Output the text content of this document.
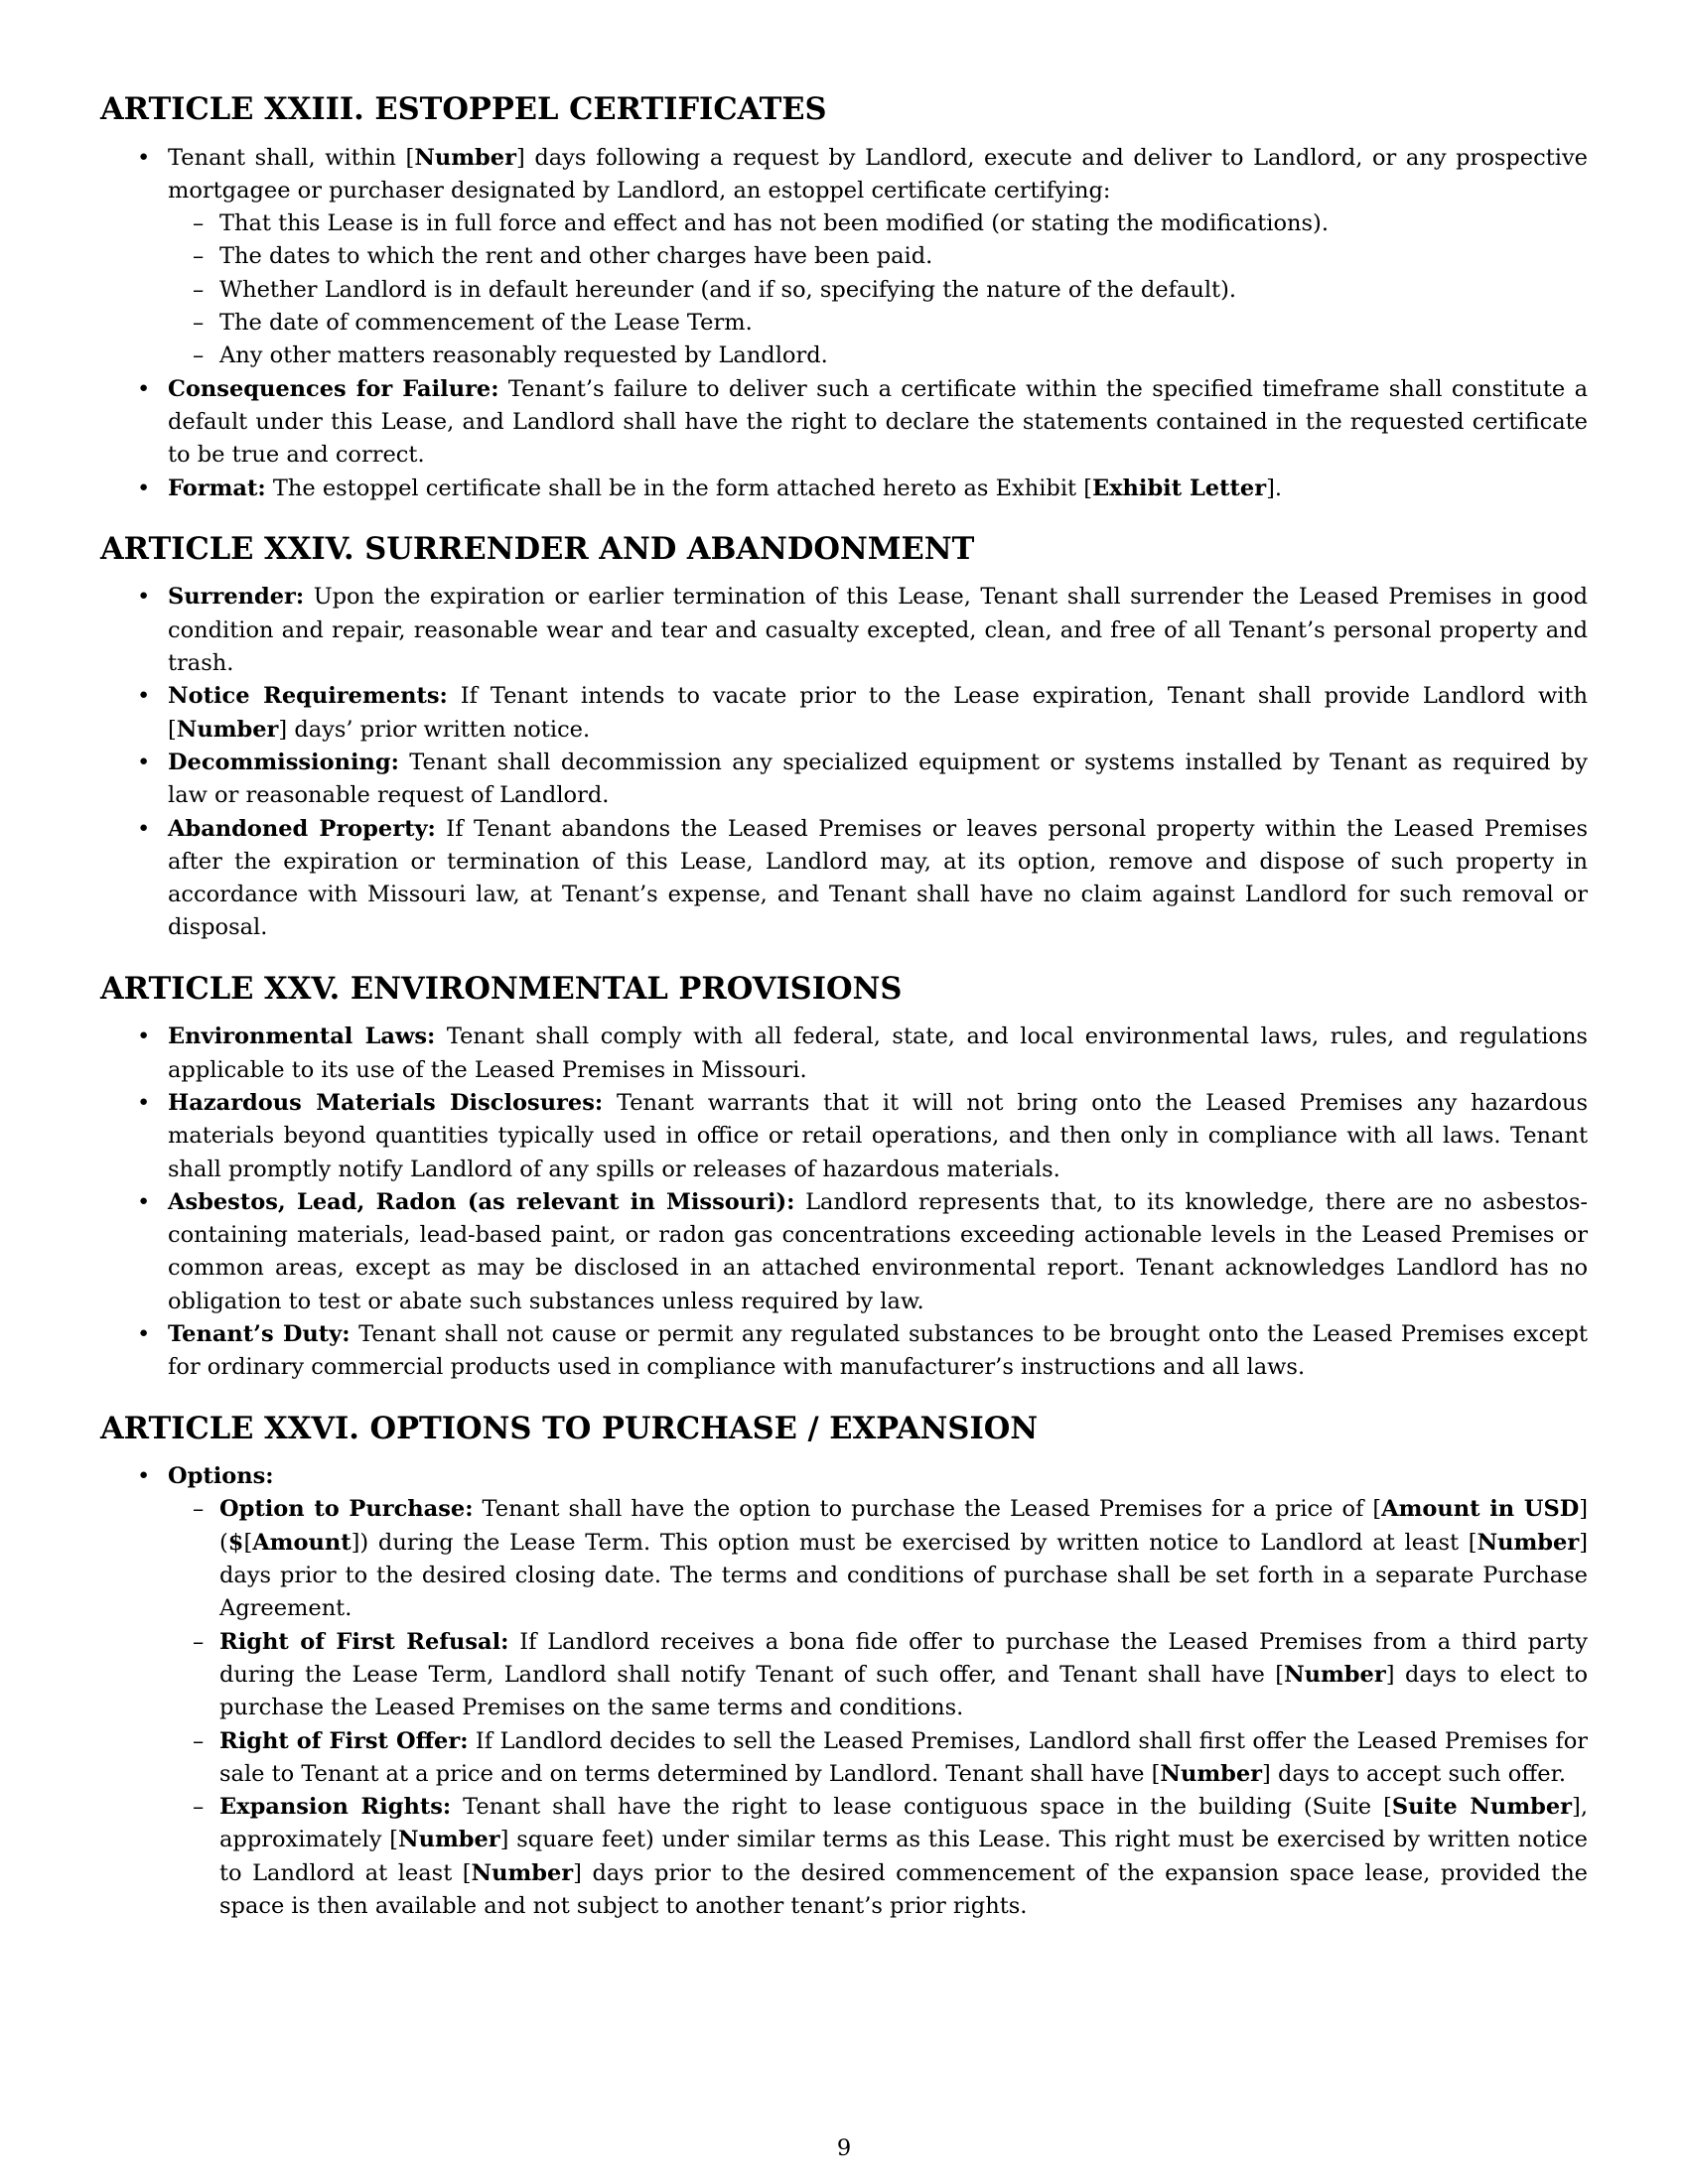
ARTICLE XXIII. ESTOPPEL CERTIFICATES
• Tenant shall, within [Number] days following a request by Landlord, execute and deliver to Landlord, or any prospective mortgagee or purchaser designated by Landlord, an estoppel certificate certifying:
– That this Lease is in full force and effect and has not been modified (or stating the modifications).
– The dates to which the rent and other charges have been paid.
– Whether Landlord is in default hereunder (and if so, specifying the nature of the default).
– The date of commencement of the Lease Term.
– Any other matters reasonably requested by Landlord.
• Consequences for Failure: Tenant’s failure to deliver such a certificate within the specified timeframe shall constitute a default under this Lease, and Landlord shall have the right to declare the statements contained in the requested certificate to be true and correct.
• Format: The estoppel certificate shall be in the form attached hereto as Exhibit [Exhibit Letter].
ARTICLE XXIV. SURRENDER AND ABANDONMENT
• Surrender: Upon the expiration or earlier termination of this Lease, Tenant shall surrender the Leased Premises in good condition and repair, reasonable wear and tear and casualty excepted, clean, and free of all Tenant’s personal property and trash.
• Notice Requirements: If Tenant intends to vacate prior to the Lease expiration, Tenant shall provide Landlord with [Number] days’ prior written notice.
• Decommissioning: Tenant shall decommission any specialized equipment or systems installed by Tenant as required by law or reasonable request of Landlord.
• Abandoned Property: If Tenant abandons the Leased Premises or leaves personal property within the Leased Premises after the expiration or termination of this Lease, Landlord may, at its option, remove and dispose of such property in accordance with Missouri law, at Tenant’s expense, and Tenant shall have no claim against Landlord for such removal or disposal.
ARTICLE XXV. ENVIRONMENTAL PROVISIONS
• Environmental Laws: Tenant shall comply with all federal, state, and local environmental laws, rules, and regulations applicable to its use of the Leased Premises in Missouri.
• Hazardous Materials Disclosures: Tenant warrants that it will not bring onto the Leased Premises any hazardous materials beyond quantities typically used in office or retail operations, and then only in compliance with all laws. Tenant shall promptly notify Landlord of any spills or releases of hazardous materials.
• Asbestos, Lead, Radon (as relevant in Missouri): Landlord represents that, to its knowledge, there are no asbestos-containing materials, lead-based paint, or radon gas concentrations exceeding actionable levels in the Leased Premises or common areas, except as may be disclosed in an attached environmental report. Tenant acknowledges Landlord has no obligation to test or abate such substances unless required by law.
• Tenant’s Duty: Tenant shall not cause or permit any regulated substances to be brought onto the Leased Premises except for ordinary commercial products used in compliance with manufacturer’s instructions and all laws.
ARTICLE XXVI. OPTIONS TO PURCHASE / EXPANSION
• Options:
– Option to Purchase: Tenant shall have the option to purchase the Leased Premises for a price of [Amount in USD] ($[Amount]) during the Lease Term. This option must be exercised by written notice to Landlord at least [Number] days prior to the desired closing date. The terms and conditions of purchase shall be set forth in a separate Purchase Agreement.
– Right of First Refusal: If Landlord receives a bona fide offer to purchase the Leased Premises from a third party during the Lease Term, Landlord shall notify Tenant of such offer, and Tenant shall have [Number] days to elect to purchase the Leased Premises on the same terms and conditions.
– Right of First Offer: If Landlord decides to sell the Leased Premises, Landlord shall first offer the Leased Premises for sale to Tenant at a price and on terms determined by Landlord. Tenant shall have [Number] days to accept such offer.
– Expansion Rights: Tenant shall have the right to lease contiguous space in the building (Suite [Suite Number], approximately [Number] square feet) under similar terms as this Lease. This right must be exercised by written notice to Landlord at least [Number] days prior to the desired commencement of the expansion space lease, provided the space is then available and not subject to another tenant’s prior rights.
9
